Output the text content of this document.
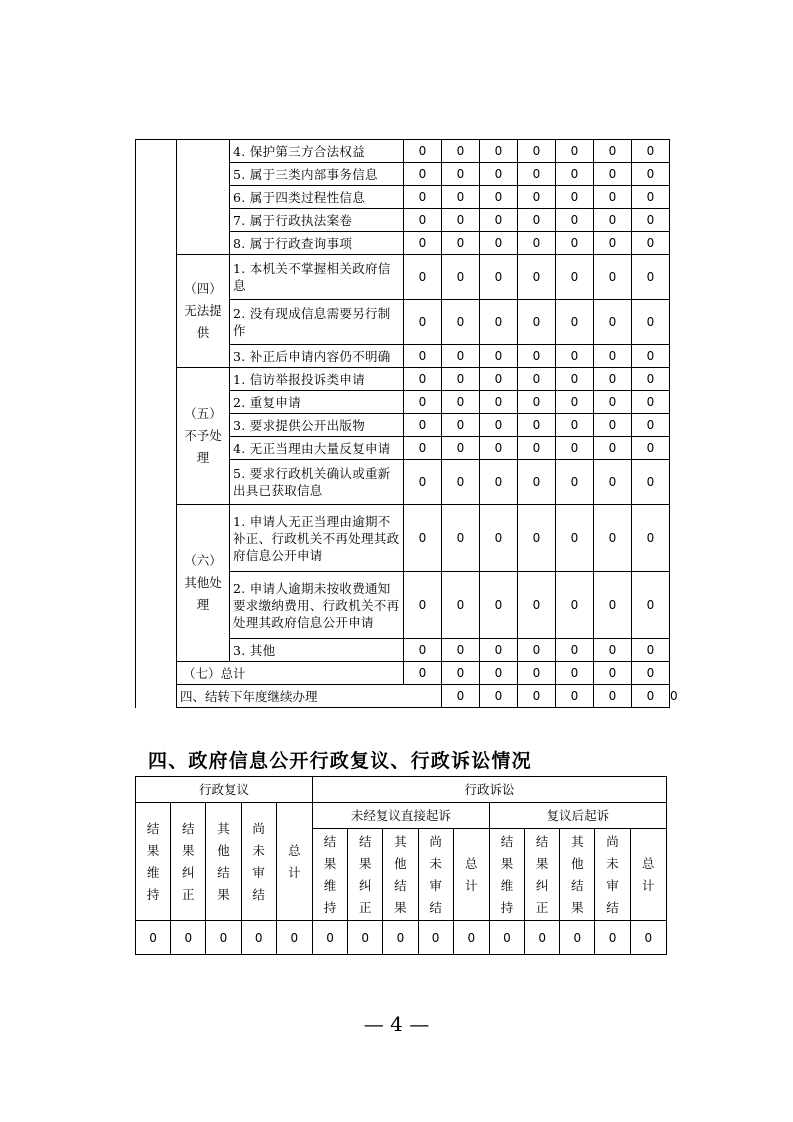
		4. 保护第三方合法权益	0	0	0	0	0	0	0	
		5. 属于三类内部事务信息	0	0	0	0	0	0	0	
		6. 属于四类过程性信息	0	0	0	0	0	0	0	
		7. 属于行政执法案卷	0	0	0	0	0	0	0	
		8. 属于行政查询事项	0	0	0	0	0	0	0	
	（四）无法提供	1. 本机关不掌握相关政府信息	0	0	0	0	0	0	0	
		2. 没有现成信息需要另行制作	0	0	0	0	0	0	0	
		3. 补正后申请内容仍不明确	0	0	0	0	0	0	0	
	（五）不予处理	1. 信访举报投诉类申请	0	0	0	0	0	0	0	
		2. 重复申请	0	0	0	0	0	0	0	
		3. 要求提供公开出版物	0	0	0	0	0	0	0	
		4. 无正当理由大量反复申请	0	0	0	0	0	0	0	
		5. 要求行政机关确认或重新出具已获取信息	0	0	0	0	0	0	0	
	（六）其他处理	1. 申请人无正当理由逾期不补正、行政机关不再处理其政府信息公开申请	0	0	0	0	0	0	0	
		2. 申请人逾期未按收费通知要求缴纳费用、行政机关不再处理其政府信息公开申请	0	0	0	0	0	0	0	
		3. 其他	0	0	0	0	0	0	0	
	（七）总计		0	0	0	0	0	0	0	
	四、结转下年度继续办理			0	0	0	0	0	0	0
四、政府信息公开行政复议、行政诉讼情况
行政复议					行政诉讼									
结果维持	结果纠正	其他结果	尚未审结	总计	未经复议直接起诉					复议后起诉				
					结果维持	结果纠正	其他结果	尚未审结	总计	结果维持	结果纠正	其他结果	尚未审结	总计
0	0	0	0	0	0	0	0	0	0	0	0	0	0	0
— 4 —
